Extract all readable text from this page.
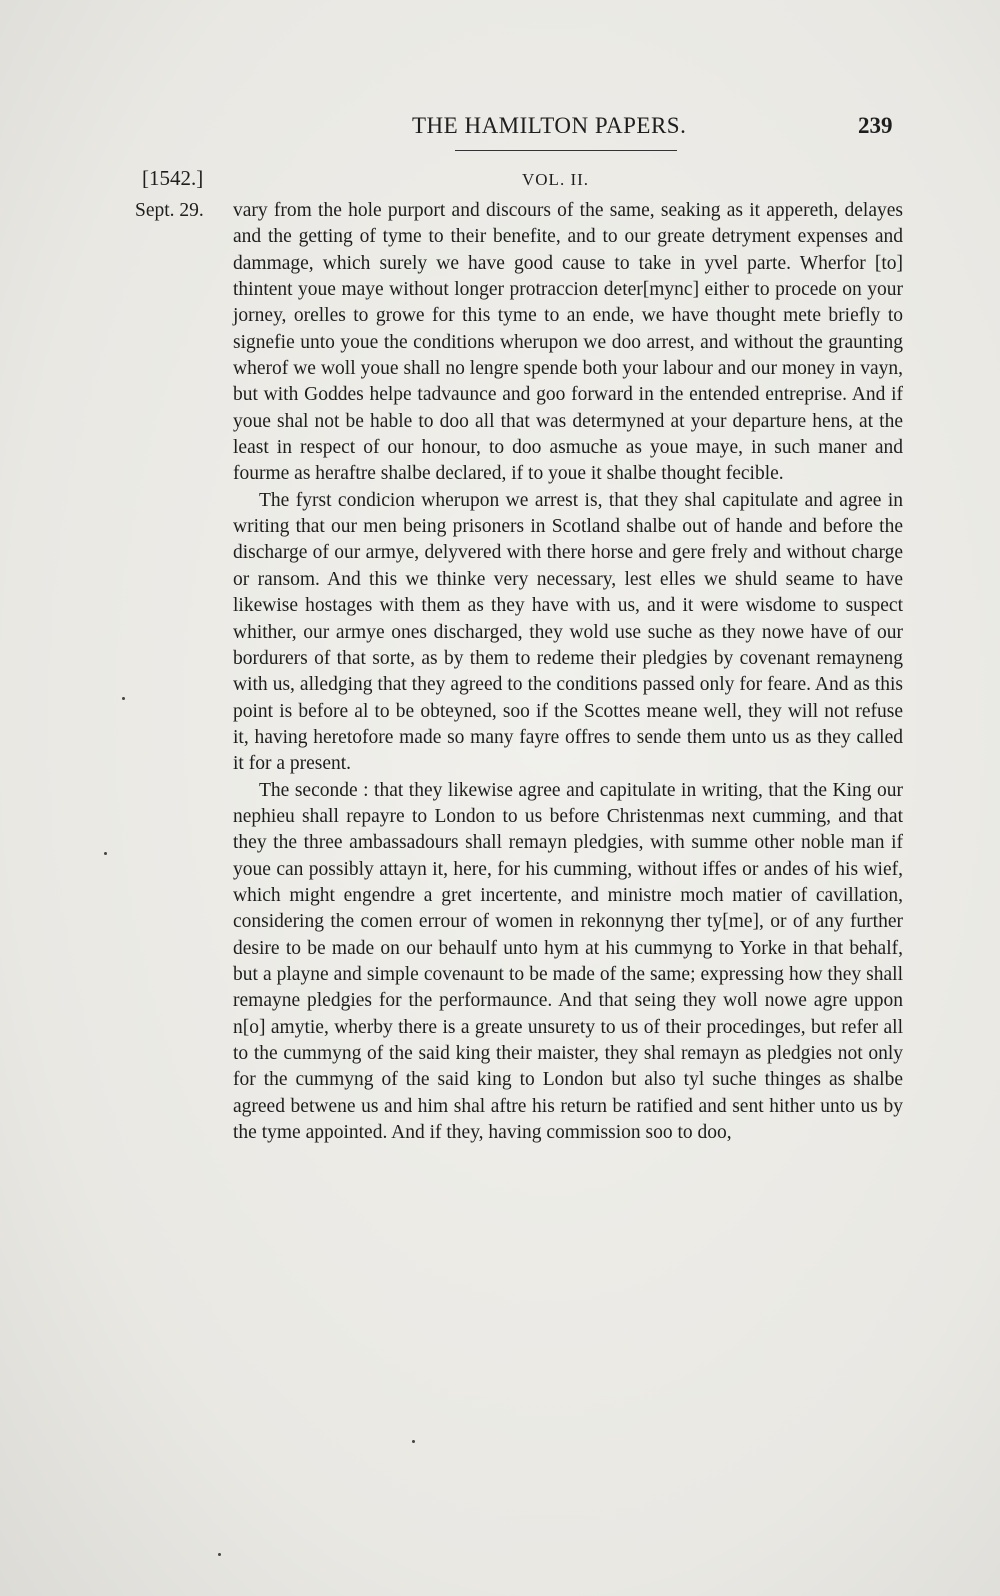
THE HAMILTON PAPERS.	239
[1542.]	VOL. II.
Sept. 29. vary from the hole purport and discours of the same, seaking as it appereth, delayes and the getting of tyme to their benefite, and to our greate detryment expenses and dammage, which surely we have good cause to take in yvel parte. Wherfor [to] thintent youe maye without longer protraccion deter[mync] either to procede on your jorney, orelles to growe for this tyme to an ende, we have thought mete briefly to signefie unto youe the conditions wherupon we doo arrest, and without the graunting wherof we woll youe shall no lengre spende both your labour and our money in vayn, but with Goddes helpe tadvaunce and goo forward in the entended entreprise. And if youe shal not be hable to doo all that was determyned at your departure hens, at the least in respect of our honour, to doo asmuche as youe maye, in such maner and fourme as heraftre shalbe declared, if to youe it shalbe thought fecible.

The fyrst condicion wherupon we arrest is, that they shal capitulate and agree in writing that our men being prisoners in Scotland shalbe out of hande and before the discharge of our armye, delyvered with there horse and gere frely and without charge or ransom. And this we thinke very necessary, lest elles we shuld seame to have likewise hostages with them as they have with us, and it were wisdome to suspect whither, our armye ones discharged, they wold use suche as they nowe have of our bordurers of that sorte, as by them to redeme their pledgies by covenant remayneng with us, alledging that they agreed to the conditions passed only for feare. And as this point is before al to be obteyned, soo if the Scottes meane well, they will not refuse it, having heretofore made so many fayre offres to sende them unto us as they called it for a present.

The seconde : that they likewise agree and capitulate in writing, that the King our nephieu shall repayre to London to us before Christenmas next cumming, and that they the three ambassadours shall remayn pledgies, with summe other noble man if youe can possibly attayn it, here, for his cumming, without iffes or andes of his wief, which might engendre a gret incertente, and ministre moch matier of cavillation, considering the comen errour of women in rekonnyng ther ty[me], or of any further desire to be made on our behaulf unto hym at his cummyng to Yorke in that behalf, but a playne and simple covenaunt to be made of the same; expressing how they shall remayne pledgies for the performaunce. And that seing they woll nowe agre uppon n[o] amytie, wherby there is a greate unsurety to us of their procedinges, but refer all to the cummyng of the said king their maister, they shal remayn as pledgies not only for the cummyng of the said king to London but also tyl suche thinges as shalbe agreed betwene us and him shal aftre his return be ratified and sent hither unto us by the tyme appointed. And if they, having commission soo to doo,
